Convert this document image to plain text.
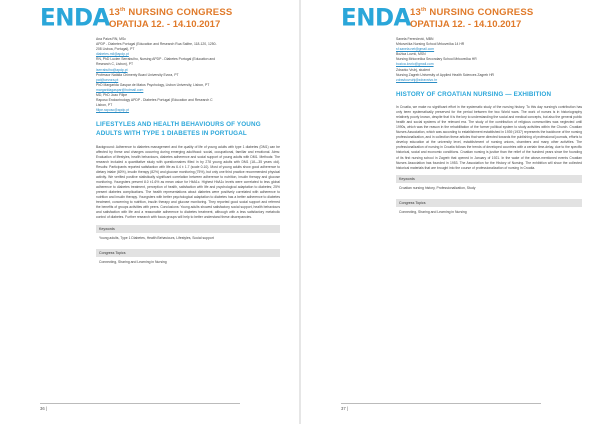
ENDA 13th NURSING CONGRESS
OPATIJA 12. - 14.10.2017
Ana Paiva RN, MSc
APDP - Diabetes Portugal (Education and Research Rua Salitre, 118-120, 1250-
208 Lisboa, Portugal), PT
diabetes.mil@apdp.pt
RN, PhD Lucien Serrabulho, Nursing APDP - Diabetes Portugal (Education and
Research C, Lisbon), PT
lserrabulho@apdp.pt
Professor Natália Chimenty Boavi University Evora, PT
pat@uevora.pt
PhD Margarida Gaspar de Matos Psychology, Lisbon University, Lisbon, PT
margaridagaspar@hotmail.com
MD, PhD Joao Filipe
Raposo Endocrinology APDP - Diabetes Portugal (Education and Research C
Lisbon, PT
filipe.raposo@apdp.pt
LIFESTYLES AND HEALTH BEHAVIOURS OF YOUNG ADULTS WITH TYPE 1 DIABETES IN PORTUGAL
Background: Adherence to diabetes management and the quality of life of young adults with type 1 diabetes (DM1) can be affected by these and changes occurring during emerging adulthood: social, occupational, familiar and emotional. Aims: Evaluation of lifestyles, health behaviours, diabetes adherence and social support of young adults with DM1. Methods: The research included a quantitative study with questionnaires filled in by 278 young adults with DM1 (18—35 years old). Results: Participants reported satisfaction with life as 6.4 ± 1.7 (scale 0-10). Most of young adults show good adherence to dietary intake (60%), insulin therapy (82%) and glucose monitoring (75%), but only one third practice recommended physical activity. We verified positive statistically significant correlation between adherence to nutrition, insulin therapy and glucose monitoring. Youngsters present 8.0 ±1.6% as mean value for HbA1c. Highest HbA1c levels were correlated to less global adherence to diabetes treatment, perception of health, satisfaction with life and psychological adaptation to diabetes; 25% present diabetes complications. The health representations about diabetes were positively correlated with adherence to nutrition and insulin therapy. Youngsters with better psychological adaptation to diabetes has a better adherence to diabetes treatment, concerning to nutrition, insulin therapy and glucose monitoring. They reported good social support and referred the benefits of groups activities with peers. Conclusions: Young adults showed satisfactory social support, health behaviours and satisfaction with life and a reasonable adherence to diabetes treatment, although with a less satisfactory metabolic control of diabetes. Further research with focus groups will help to better understand these discrepancies.
Keywords
Young adults, Type 1 Diabetes, Health Behaviours, Lifestyles, Social support
Congress Topics
Connecting, Sharing and Learning in Nursing
36 |
ENDA 13th NURSING CONGRESS
OPATIJA 12. - 14.10.2017
Sanela Ferenčević, MBN
Mrkovečka Nursing School Mrkovečka 14 HR
sf.sanela.net@gmail.com
Božica Lovrić, MSN
Nursing Mrkovečka Secondary School Mrkovečka HR
bozica.lovric@gmail.com
Zdravko Vruhj, student
Nursing Zagreb University of Applied Health Sciences Zagreb HR
zdravkovruhj@zdravstvo.hr
HISTORY OF CROATIAN NURSING — EXHIBITION
In Croatia, we make no significant effort in the systematic study of the nursing history. To this day nursing's contribution has only been systematically preserved for the period between the two World wars. The work of nurses is in historiography relatively poorly known, despite that it is the key to understanding the social and medical concepts, but also the general public health and social systems of the relevant era. The study of the contribution of religious communities was neglected until 1990s, which was the reason in the rehabilitation of the former political system to study activities within the Church. Croatian Nurses Association, which was according to establishment established in 1939 (1937) represents the backbone of the nursing professionalization, and in collection these articles that were directed towards the publishing of professional journals, efforts to develop education at the university level, establishment of nursing unions, chambers and many other activities. The professionalization of nursing in Croatia follows the trends of developed countries with a certain time-delay, due to the specific historical, social and economic conditions. Croatian nursing is justice than the relief of the hundred years since the founding of its first nursing school in Zagreb that opened in January of 1921. In the wake of the above-mentioned events Croatian Nurses Association has founded in 1953. The Association for the History of Nursing. The exhibition will show the collected historical materials that are brought into the course of professionalization of nursing in Croatia.
Keywords
Croatian nursing history, Professionalization, Study
Congress Topics
Connecting, Sharing and Learning in Nursing
37 |
